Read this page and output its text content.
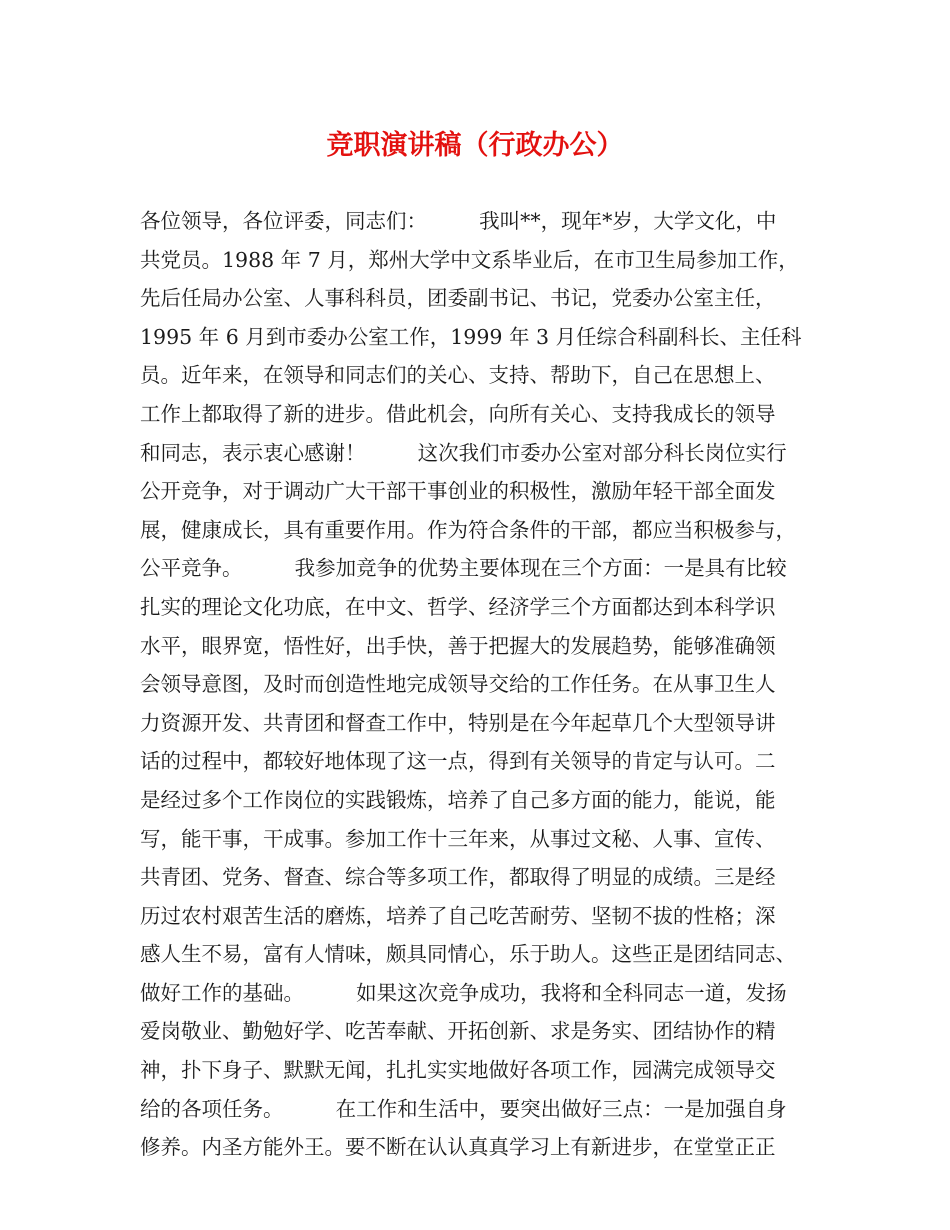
竞职演讲稿（行政办公）
各位领导，各位评委，同志们：        我叫**，现年*岁，大学文化，中
共党员。1988 年 7 月，郑州大学中文系毕业后，在市卫生局参加工作，
先后任局办公室、人事科科员，团委副书记、书记，党委办公室主任，
1995 年 6 月到市委办公室工作，1999 年 3 月任综合科副科长、主任科
员。近年来，在领导和同志们的关心、支持、帮助下，自己在思想上、
工作上都取得了新的进步。借此机会，向所有关心、支持我成长的领导
和同志，表示衷心感谢！        这次我们市委办公室对部分科长岗位实行
公开竞争，对于调动广大干部干事创业的积极性，激励年轻干部全面发
展，健康成长，具有重要作用。作为符合条件的干部，都应当积极参与，
公平竞争。        我参加竞争的优势主要体现在三个方面：一是具有比较
扎实的理论文化功底，在中文、哲学、经济学三个方面都达到本科学识
水平，眼界宽，悟性好，出手快，善于把握大的发展趋势，能够准确领
会领导意图，及时而创造性地完成领导交给的工作任务。在从事卫生人
力资源开发、共青团和督查工作中，特别是在今年起草几个大型领导讲
话的过程中，都较好地体现了这一点，得到有关领导的肯定与认可。二
是经过多个工作岗位的实践锻炼，培养了自己多方面的能力，能说，能
写，能干事，干成事。参加工作十三年来，从事过文秘、人事、宣传、
共青团、党务、督查、综合等多项工作，都取得了明显的成绩。三是经
历过农村艰苦生活的磨炼，培养了自己吃苦耐劳、坚韧不拔的性格；深
感人生不易，富有人情味，颇具同情心，乐于助人。这些正是团结同志、
做好工作的基础。        如果这次竞争成功，我将和全科同志一道，发扬
爱岗敬业、勤勉好学、吃苦奉献、开拓创新、求是务实、团结协作的精
神，扑下身子、默默无闻，扎扎实实地做好各项工作，园满完成领导交
给的各项任务。        在工作和生活中，要突出做好三点：一是加强自身
修养。内圣方能外王。要不断在认认真真学习上有新进步，在堂堂正正
